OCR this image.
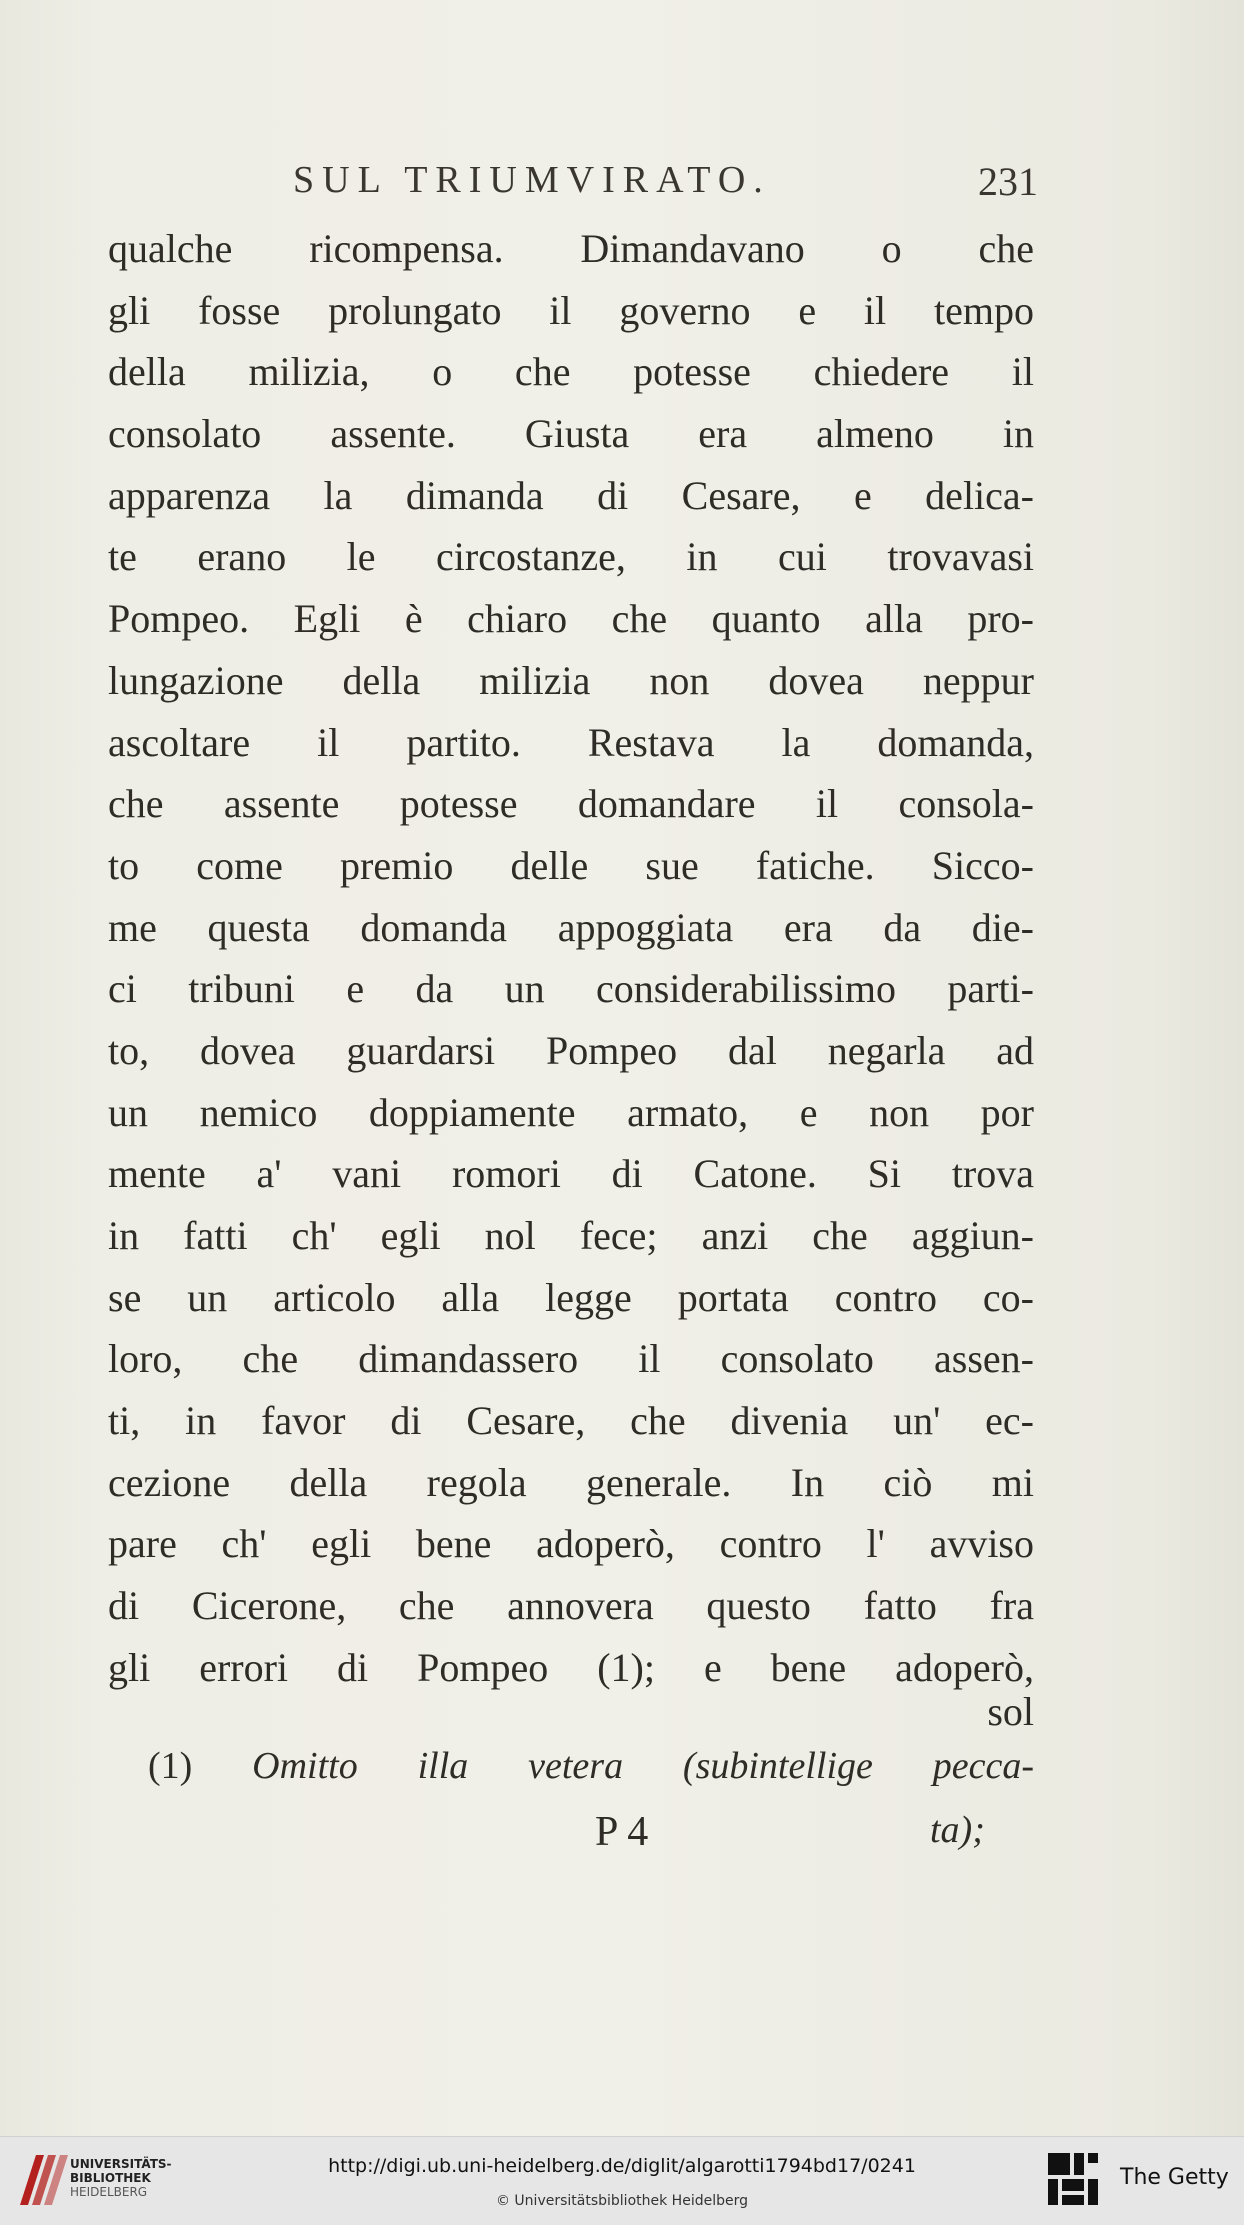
SUL TRIUMVIRATO.	231
qualche ricompensa. Dimandavano o che
gli fosse prolungato il governo e il tempo
della milizia, o che potesse chiedere il
consolato assente. Giusta era almeno in
apparenza la dimanda di Cesare, e delica-
te erano le circostanze, in cui trovavasi
Pompeo. Egli è chiaro che quanto alla pro-
lungazione della milizia non dovea neppur
ascoltare il partito. Restava la domanda,
che assente potesse domandare il consola-
to come premio delle sue fatiche. Sicco-
me questa domanda appoggiata era da die-
ci tribuni e da un considerabilissimo parti-
to, dovea guardarsi Pompeo dal negarla ad
un nemico doppiamente armato, e non por
mente a' vani romori di Catone. Si trova
in fatti ch' egli nol fece; anzi che aggiun-
se un articolo alla legge portata contro co-
loro, che dimandassero il consolato assen-
ti, in favor di Cesare, che divenia un' ec-
cezione della regola generale. In ciò mi
pare ch' egli bene adoperò, contro l' avviso
di Cicerone, che annovera questo fatto fra
gli errori di Pompeo (1); e bene adoperò,
sol
(1) Omitto illa vetera (subintellige pecca-
P 4	ta);
UNIVERSITÄTS-
BIBLIOTHEK
HEIDELBERG
http://digi.ub.uni-heidelberg.de/diglit/algarotti1794bd17/0241
© Universitätsbibliothek Heidelberg
The Getty
